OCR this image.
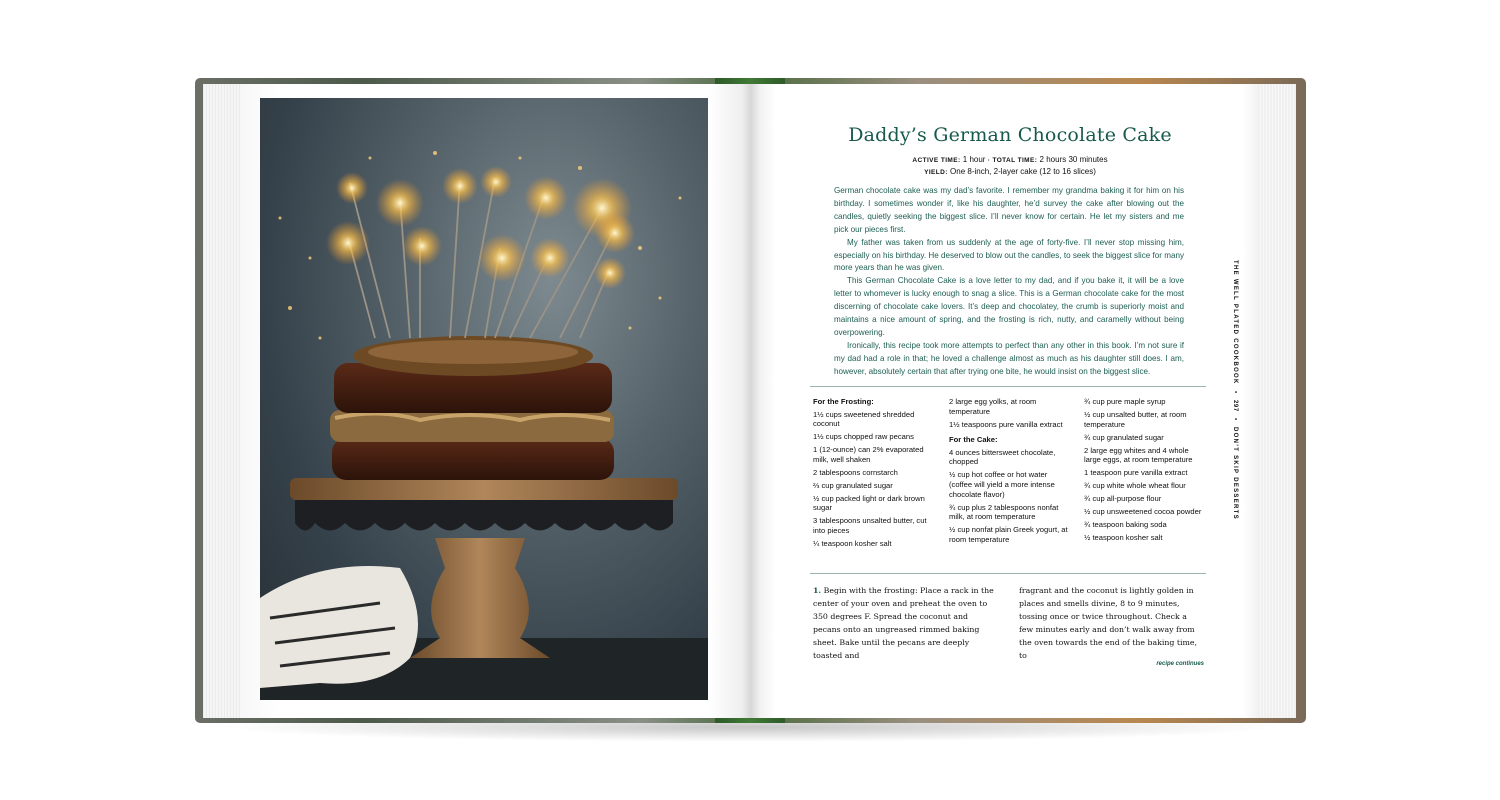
Daddy’s German Chocolate Cake
ACTIVE TIME: 1 hour · TOTAL TIME: 2 hours 30 minutes
YIELD: One 8-inch, 2-layer cake (12 to 16 slices)

German chocolate cake was my dad’s favorite. I remember my grandma baking it for him on his birthday. I sometimes wonder if, like his daughter, he’d survey the cake after blowing out the candles, quietly seeking the biggest slice. I’ll never know for certain. He let my sisters and me pick our pieces first.

My father was taken from us suddenly at the age of forty-five. I’ll never stop missing him, especially on his birthday. He deserved to blow out the candles, to seek the biggest slice for many more years than he was given.

This German Chocolate Cake is a love letter to my dad, and if you bake it, it will be a love letter to whomever is lucky enough to snag a slice. This is a German chocolate cake for the most discerning of chocolate cake lovers. It’s deep and chocolatey, the crumb is superiorly moist and maintains a nice amount of spring, and the frosting is rich, nutty, and caramelly without being overpowering.

Ironically, this recipe took more attempts to perfect than any other in this book. I’m not sure if my dad had a role in that; he loved a challenge almost as much as his daughter still does. I am, however, absolutely certain that after trying one bite, he would insist on the biggest slice.

For the Frosting:
1½ cups sweetened shredded coconut
1½ cups chopped raw pecans
1 (12-ounce) can 2% evaporated milk, well shaken
2 tablespoons cornstarch
⅔ cup granulated sugar
½ cup packed light or dark brown sugar
3 tablespoons unsalted butter, cut into pieces
¼ teaspoon kosher salt
2 large egg yolks, at room temperature
1½ teaspoons pure vanilla extract
For the Cake:
4 ounces bittersweet chocolate, chopped
½ cup hot coffee or hot water (coffee will yield a more intense chocolate flavor)
¾ cup plus 2 tablespoons nonfat milk, at room temperature
½ cup nonfat plain Greek yogurt, at room temperature
¾ cup pure maple syrup
½ cup unsalted butter, at room temperature
¾ cup granulated sugar
2 large egg whites and 4 whole large eggs, at room temperature
1 teaspoon pure vanilla extract
¾ cup white whole wheat flour
¾ cup all-purpose flour
½ cup unsweetened cocoa powder
¾ teaspoon baking soda
½ teaspoon kosher salt
1. Begin with the frosting: Place a rack in the center of your oven and preheat the oven to 350 degrees F. Spread the coconut and pecans onto an ungreased rimmed baking sheet. Bake until the pecans are deeply toasted and
fragrant and the coconut is lightly golden in places and smells divine, 8 to 9 minutes, tossing once or twice throughout. Check a few minutes early and don’t walk away from the oven towards the end of the baking time, to
recipe continues
THE WELL PLATED COOKBOOK
•
297
•
DON’T SKIP DESSERTS
